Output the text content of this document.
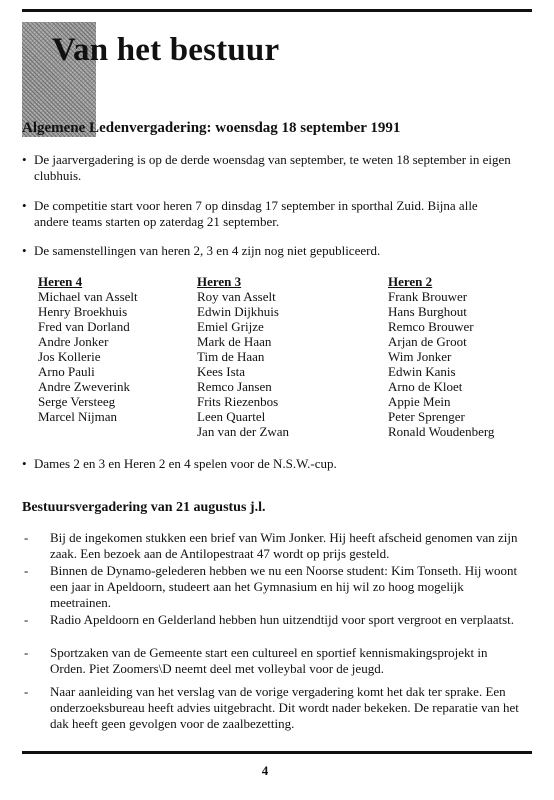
Van het bestuur
Algemene Ledenvergadering: woensdag 18 september 1991
• De jaarvergadering is op de derde woensdag van september, te weten 18 september in eigen clubhuis.

• De competitie start voor heren 7 op dinsdag 17 september in sporthal Zuid. Bijna alle andere teams starten op zaterdag 21 september.

• De samenstellingen van heren 2, 3 en 4 zijn nog niet gepubliceerd.

Heren 4
Michael van Asselt
Henry Broekhuis
Fred van Dorland
Andre Jonker
Jos Kollerie
Arno Pauli
Andre Zweverink
Serge Versteeg
Marcel Nijman
Heren 3
Roy van Asselt
Edwin Dijkhuis
Emiel Grijze
Mark de Haan
Tim de Haan
Kees Ista
Remco Jansen
Frits Riezenbos
Leen Quartel
Jan van der Zwan
Heren 2
Frank Brouwer
Hans Burghout
Remco Brouwer
Arjan de Groot
Wim Jonker
Edwin Kanis
Arno de Kloet
Appie Mein
Peter Sprenger
Ronald Woudenberg
• Dames 2 en 3 en Heren 2 en 4 spelen voor de N.S.W.-cup.

Bestuursvergadering van 21 augustus j.l.
- Bij de ingekomen stukken een brief van Wim Jonker. Hij heeft afscheid genomen van zijn zaak. Een bezoek aan de Antilopestraat 47 wordt op prijs gesteld.

- Binnen de Dynamo-gelederen hebben we nu een Noorse student: Kim Tonseth. Hij woont een jaar in Apeldoorn, studeert aan het Gymnasium en hij wil zo hoog mogelijk meetrainen.

- Radio Apeldoorn en Gelderland hebben hun uitzendtijd voor sport vergroot en verplaatst.

- Sportzaken van de Gemeente start een cultureel en sportief kennismakingsprojekt in Orden. Piet Zoomers\D neemt deel met volleybal voor de jeugd.

- Naar aanleiding van het verslag van de vorige vergadering komt het dak ter sprake. Een onderzoeksbureau heeft advies uitgebracht. Dit wordt nader bekeken. De reparatie van het dak heeft geen gevolgen voor de zaalbezetting.

4
